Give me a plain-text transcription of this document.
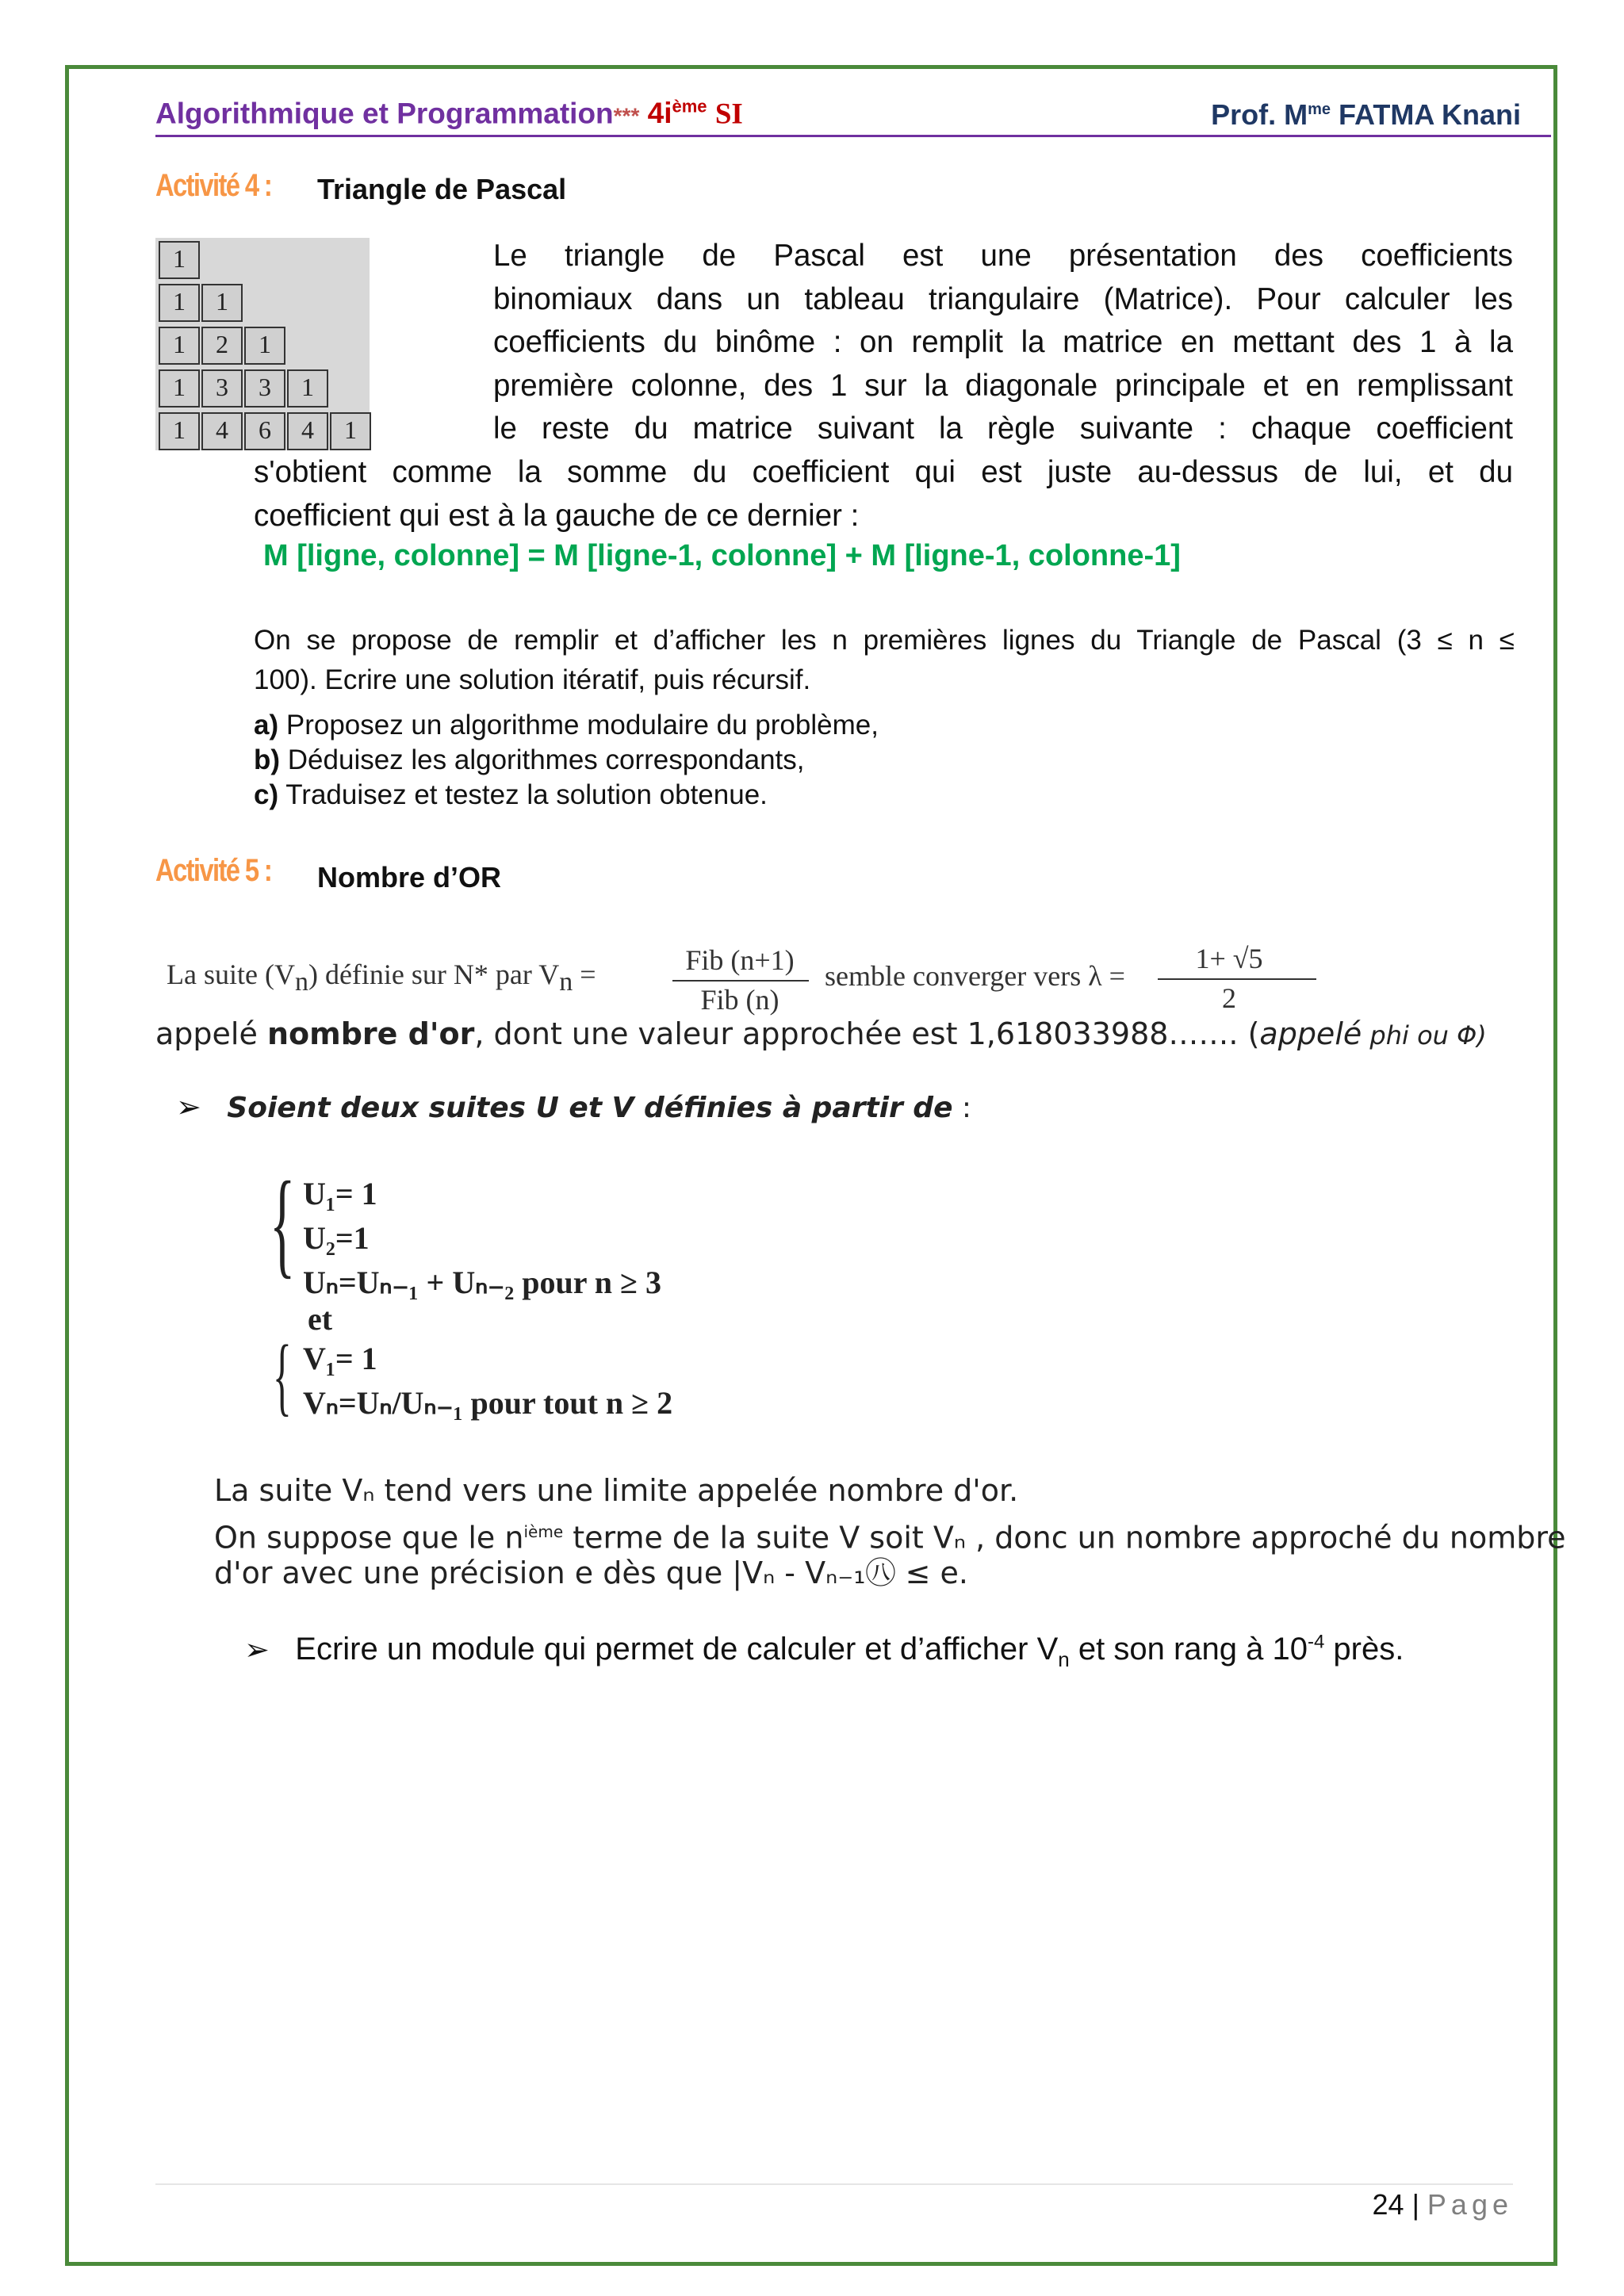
Algorithmique et Programmation*** $4i^{ème}$ SI	Prof. $M^{me}$ FATMA Knani
Activité 4 :	Triangle de Pascal
1
1	1
1	2	1
1	3	3	1
1	4	6	4	1
Le triangle de Pascal est une présentation des coefficients
binomiaux dans un tableau triangulaire (Matrice). Pour calculer les
coefficients du binôme : on remplit la matrice en mettant des 1 à la
première colonne, des 1 sur la diagonale principale et en remplissant
le reste du matrice suivant la règle suivante : chaque coefficient
s'obtient comme la somme du coefficient qui est juste au-dessus de lui, et du
coefficient qui est à la gauche de ce dernier :
M [ligne, colonne] = M [ligne-1, colonne] + M [ligne-1, colonne-1]
On se propose de remplir et d’afficher les n premières lignes du Triangle de Pascal (3 ≤ n ≤
100). Ecrire une solution itératif, puis récursif.
a) Proposez un algorithme modulaire du problème,
b) Déduisez les algorithmes correspondants,
c) Traduisez et testez la solution obtenue.
Activité 5 :	Nombre d’OR
La suite $(V_n)$ définie sur N* par $V_n$ =	Fib (n+1)
Fib (n)
semble converger vers λ =
1+ √5
2
appelé nombre d'or, dont une valeur approchée est 1,618033988……. (appelé phi ou Φ)
➢ Soient deux suites U et V définies à partir de :
{ U₁= 1
U₂=1
Uₙ=Uₙ₋₁ + Uₙ₋₂ pour n ≥ 3
et
{ V₁= 1
Vₙ=Uₙ/Uₙ₋₁ pour tout n ≥ 2
La suite Vₙ tend vers une limite appelée nombre d'or.
On suppose que le $n^{ième}$ terme de la suite V soit Vₙ , donc un nombre approché du nombre
d'or avec une précision e dès que |Vₙ - Vₙ₋₁㊇ ≤ e.
➢ Ecrire un module qui permet de calculer et d’afficher $V_n$ et son rang à $10^{-4}$ près.
24 | Page
